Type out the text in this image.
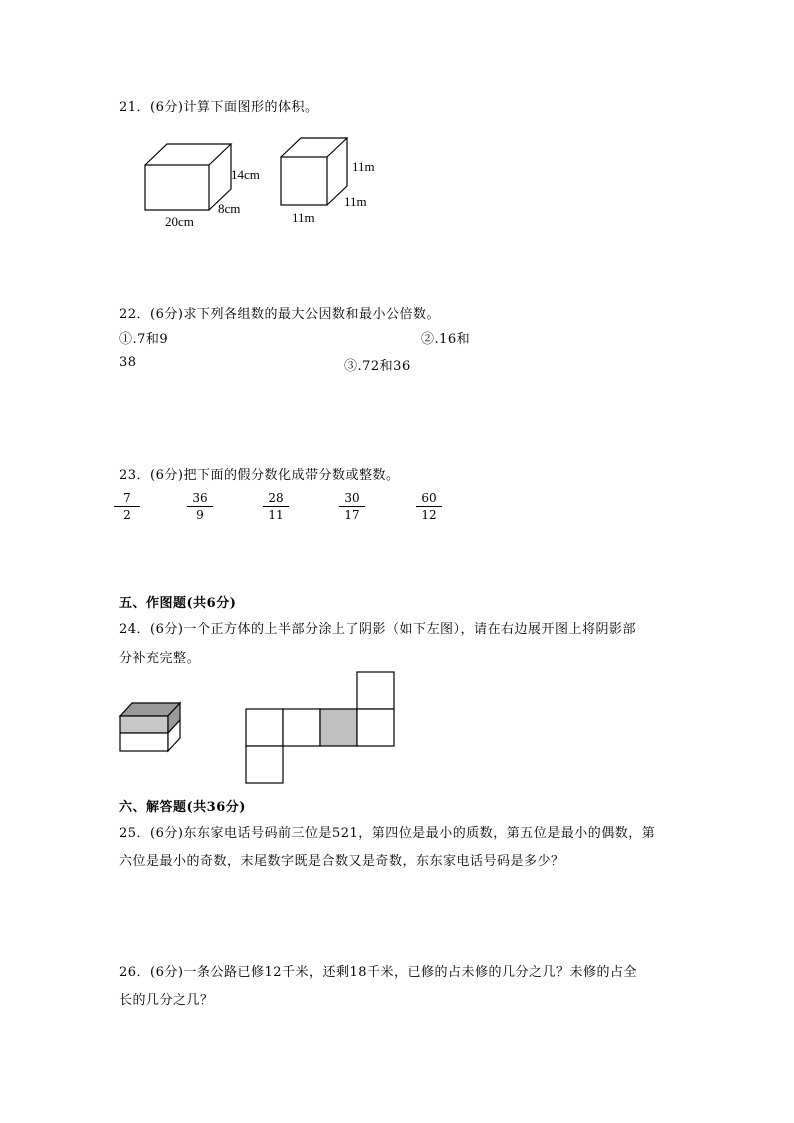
21．(6分)计算下面图形的体积。
14cm
8cm
20cm
11m
11m
11m
22．(6分)求下列各组数的最大公因数和最小公倍数。
①.7和9	②.16和
38	③.72和36
23．(6分)把下面的假分数化成带分数或整数。
$\frac{7}{2}$	$\frac{36}{9}$	$\frac{28}{11}$	$\frac{30}{17}$	$\frac{60}{12}$
五、作图题(共6分)
24．(6分)一个正方体的上半部分涂上了阴影（如下左图），请在右边展开图上将阴影部
分补充完整。
六、解答题(共36分)
25．(6分)东东家电话号码前三位是521，第四位是最小的质数，第五位是最小的偶数，第
六位是最小的奇数，末尾数字既是合数又是奇数，东东家电话号码是多少？
26．(6分)一条公路已修12千米，还剩18千米，已修的占未修的几分之几？未修的占全
长的几分之几？
